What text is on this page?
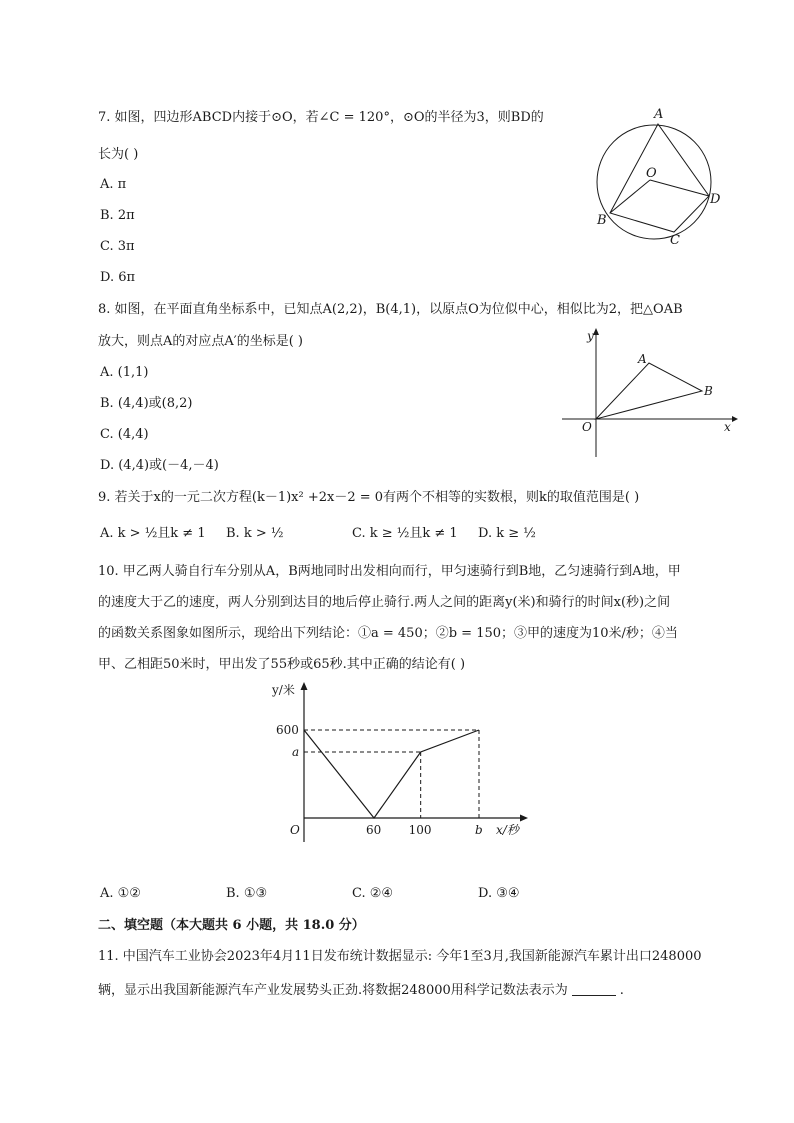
7. 如图，四边形ABCD内接于⊙O，若∠C = 120°，⊙O的半径为3，则BD的
长为( )
A. π
B. 2π
C. 3π
D. 6π
A
D
C
B
O
8. 如图，在平面直角坐标系中，已知点A(2,2)，B(4,1)，以原点O为位似中心，相似比为2，把△OAB
放大，则点A的对应点A′的坐标是( )
A. (1,1)
B. (4,4)或(8,2)
C. (4,4)
D. (4,4)或(－4,－4)
y
x
O
A
B
9. 若关于x的一元二次方程(k－1)x² +2x－2 = 0有两个不相等的实数根，则k的取值范围是( )
A. k > ½且k ≠ 1 B. k > ½	C. k ≥ ½且k ≠ 1 D. k ≥ ½
10. 甲乙两人骑自行车分别从A，B两地同时出发相向而行，甲匀速骑行到B地，乙匀速骑行到A地，甲
的速度大于乙的速度，两人分别到达目的地后停止骑行.两人之间的距离y(米)和骑行的时间x(秒)之间
的函数关系图象如图所示，现给出下列结论：①a = 450；②b = 150；③甲的速度为10米/秒；④当
甲、乙相距50米时，甲出发了55秒或65秒.其中正确的结论有( )
y/米
x/秒
O
600
a
60 100	b
A. ①②	B. ①③	C. ②④	D. ③④
二、填空题（本大题共 6 小题，共 18.0 分）
11. 中国汽车工业协会2023年4月11日发布统计数据显示: 今年1至3月,我国新能源汽车累计出口248000
辆，显示出我国新能源汽车产业发展势头正劲.将数据248000用科学记数法表示为	.
